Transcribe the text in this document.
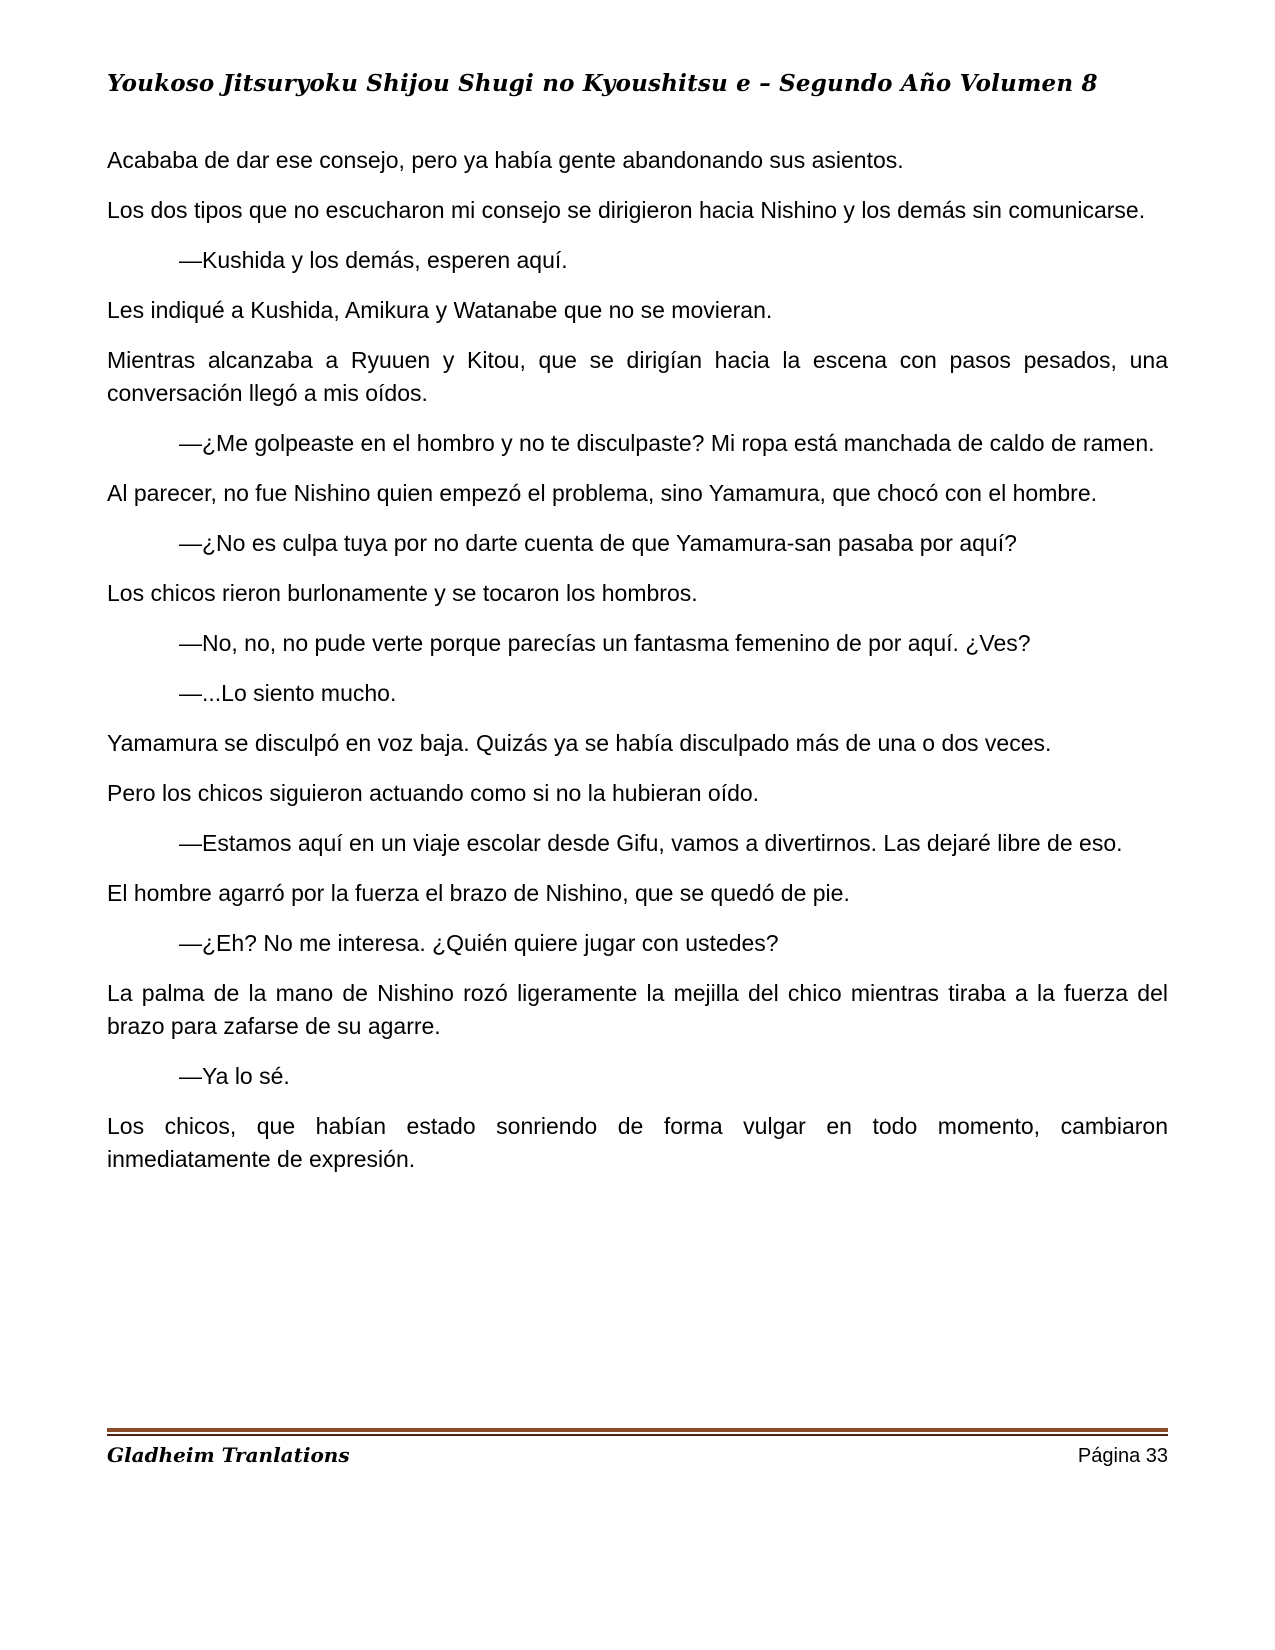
Youkoso Jitsuryoku Shijou Shugi no Kyoushitsu e – Segundo Año Volumen 8

Acababa de dar ese consejo, pero ya había gente abandonando sus asientos.

Los dos tipos que no escucharon mi consejo se dirigieron hacia Nishino y los demás sin comunicarse.

—Kushida y los demás, esperen aquí.

Les indiqué a Kushida, Amikura y Watanabe que no se movieran.

Mientras alcanzaba a Ryuuen y Kitou, que se dirigían hacia la escena con pasos pesados, una conversación llegó a mis oídos.

—¿Me golpeaste en el hombro y no te disculpaste? Mi ropa está manchada de caldo de ramen.

Al parecer, no fue Nishino quien empezó el problema, sino Yamamura, que chocó con el hombre.

—¿No es culpa tuya por no darte cuenta de que Yamamura-san pasaba por aquí?

Los chicos rieron burlonamente y se tocaron los hombros.

—No, no, no pude verte porque parecías un fantasma femenino de por aquí. ¿Ves?

—...Lo siento mucho.

Yamamura se disculpó en voz baja. Quizás ya se había disculpado más de una o dos veces.

Pero los chicos siguieron actuando como si no la hubieran oído.

—Estamos aquí en un viaje escolar desde Gifu, vamos a divertirnos. Las dejaré libre de eso.

El hombre agarró por la fuerza el brazo de Nishino, que se quedó de pie.

—¿Eh? No me interesa. ¿Quién quiere jugar con ustedes?

La palma de la mano de Nishino rozó ligeramente la mejilla del chico mientras tiraba a la fuerza del brazo para zafarse de su agarre.

—Ya lo sé.

Los chicos, que habían estado sonriendo de forma vulgar en todo momento, cambiaron inmediatamente de expresión.

Gladheim Tranlations	Página 33
